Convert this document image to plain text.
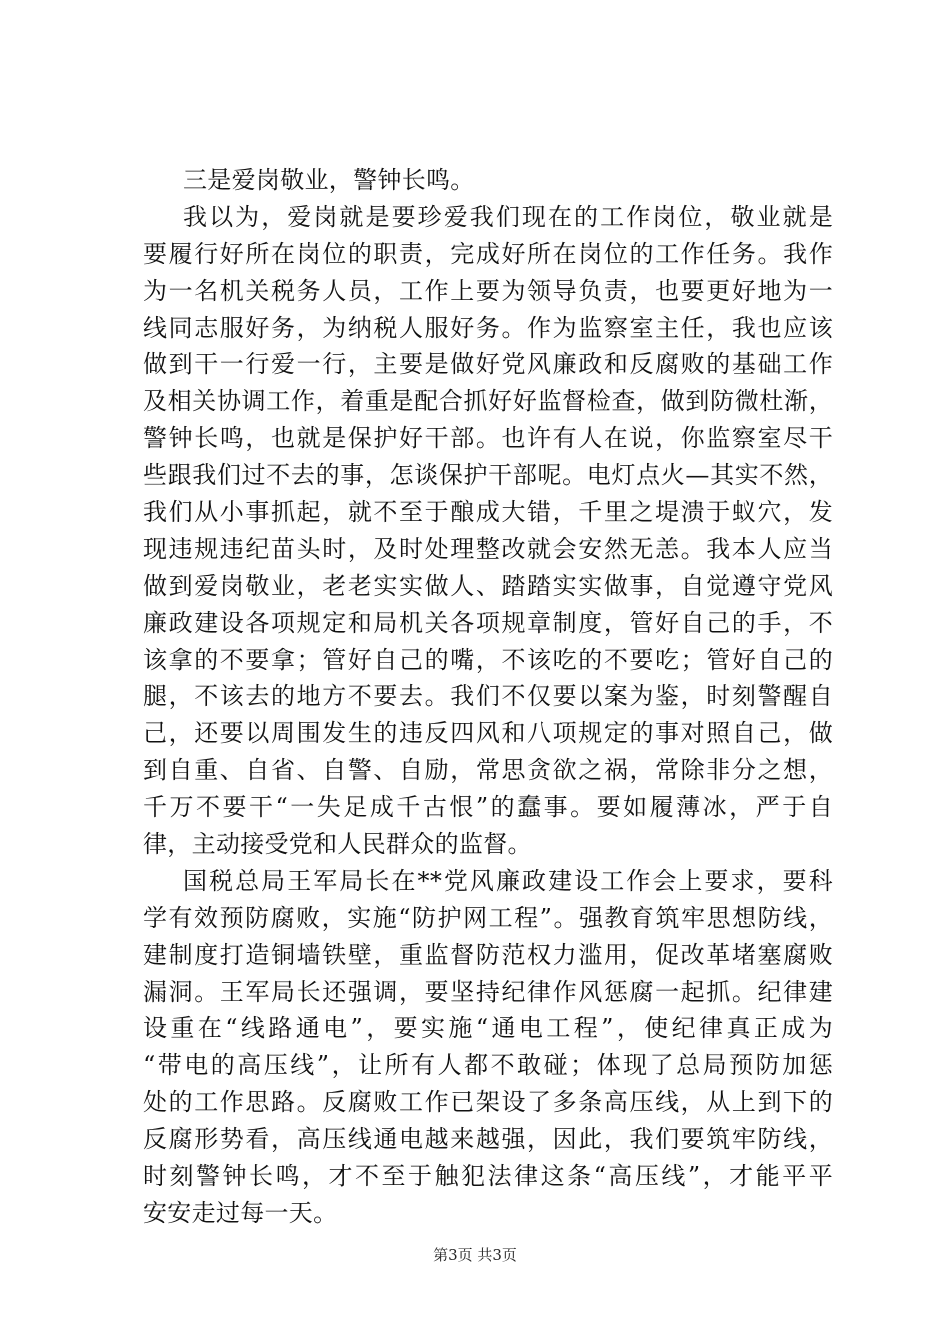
三是爱岗敬业，警钟长鸣。
我以为，爱岗就是要珍爱我们现在的工作岗位，敬业就是
要履行好所在岗位的职责，完成好所在岗位的工作任务。我作
为一名机关税务人员，工作上要为领导负责，也要更好地为一
线同志服好务，为纳税人服好务。作为监察室主任，我也应该
做到干一行爱一行，主要是做好党风廉政和反腐败的基础工作
及相关协调工作，着重是配合抓好好监督检查，做到防微杜渐，
警钟长鸣，也就是保护好干部。也许有人在说，你监察室尽干
些跟我们过不去的事，怎谈保护干部呢。电灯点火—其实不然，
我们从小事抓起，就不至于酿成大错，千里之堤溃于蚁穴，发
现违规违纪苗头时，及时处理整改就会安然无恙。我本人应当
做到爱岗敬业，老老实实做人、踏踏实实做事，自觉遵守党风
廉政建设各项规定和局机关各项规章制度，管好自己的手，不
该拿的不要拿；管好自己的嘴，不该吃的不要吃；管好自己的
腿，不该去的地方不要去。我们不仅要以案为鉴，时刻警醒自
己，还要以周围发生的违反四风和八项规定的事对照自己，做
到自重、自省、自警、自励，常思贪欲之祸，常除非分之想，
千万不要干“一失足成千古恨”的蠢事。要如履薄冰，严于自
律，主动接受党和人民群众的监督。
国税总局王军局长在**党风廉政建设工作会上要求，要科
学有效预防腐败，实施“防护网工程”。强教育筑牢思想防线，
建制度打造铜墙铁壁，重监督防范权力滥用，促改革堵塞腐败
漏洞。王军局长还强调，要坚持纪律作风惩腐一起抓。纪律建
设重在“线路通电”，要实施“通电工程”，使纪律真正成为
“带电的高压线”，让所有人都不敢碰；体现了总局预防加惩
处的工作思路。反腐败工作已架设了多条高压线，从上到下的
反腐形势看，高压线通电越来越强，因此，我们要筑牢防线，
时刻警钟长鸣，才不至于触犯法律这条“高压线”，才能平平
安安走过每一天。
第3页 共3页
